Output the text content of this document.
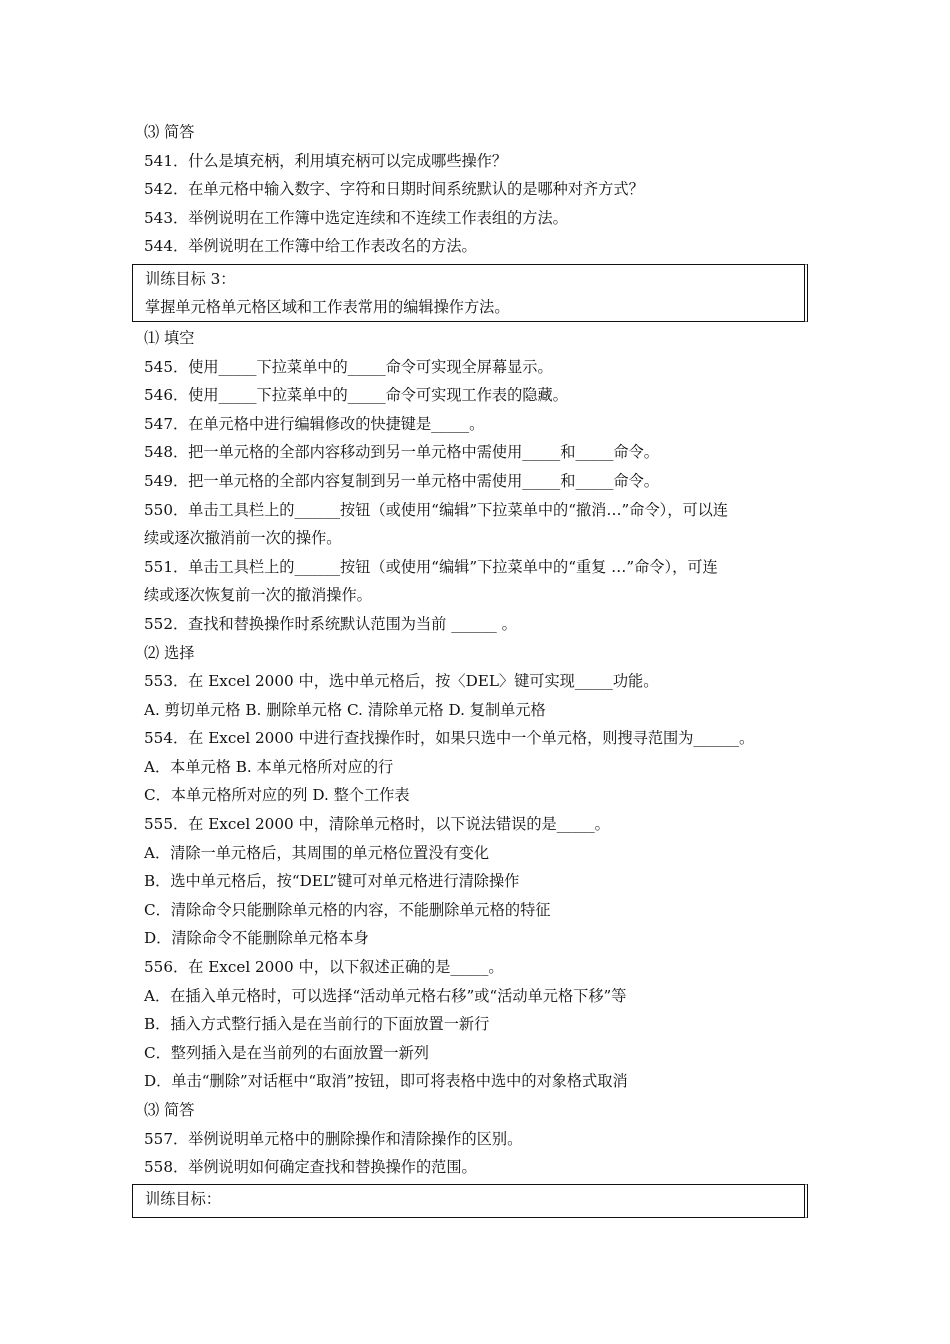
⑶ 简答
541．什么是填充柄，利用填充柄可以完成哪些操作？
542．在单元格中输入数字、字符和日期时间系统默认的是哪种对齐方式？
543．举例说明在工作簿中选定连续和不连续工作表组的方法。
544．举例说明在工作簿中给工作表改名的方法。
训练目标 3：
掌握单元格单元格区域和工作表常用的编辑操作方法。
⑴ 填空
545．使用_____下拉菜单中的_____命令可实现全屏幕显示。
546．使用_____下拉菜单中的_____命令可实现工作表的隐藏。
547．在单元格中进行编辑修改的快捷键是_____。
548．把一单元格的全部内容移动到另一单元格中需使用_____和_____命令。
549．把一单元格的全部内容复制到另一单元格中需使用_____和_____命令。
550．单击工具栏上的______按钮（或使用“编辑”下拉菜单中的“撤消…”命令），可以连
续或逐次撤消前一次的操作。
551．单击工具栏上的______按钮（或使用“编辑”下拉菜单中的“重复 …”命令），可连
续或逐次恢复前一次的撤消操作。
552．查找和替换操作时系统默认范围为当前 ______ 。
⑵ 选择
553．在 Excel 2000 中，选中单元格后，按〈DEL〉键可实现_____功能。
A. 剪切单元格 B. 删除单元格 C. 清除单元格 D. 复制单元格
554．在 Excel 2000 中进行查找操作时，如果只选中一个单元格，则搜寻范围为______。
A．本单元格 B. 本单元格所对应的行
C．本单元格所对应的列 D. 整个工作表
555．在 Excel 2000 中，清除单元格时，以下说法错误的是_____。
A．清除一单元格后，其周围的单元格位置没有变化
B．选中单元格后，按“DEL”键可对单元格进行清除操作
C．清除命令只能删除单元格的内容，不能删除单元格的特征
D．清除命令不能删除单元格本身
556．在 Excel 2000 中，以下叙述正确的是_____。
A．在插入单元格时，可以选择“活动单元格右移”或“活动单元格下移”等
B．插入方式整行插入是在当前行的下面放置一新行
C．整列插入是在当前列的右面放置一新列
D．单击“删除”对话框中“取消”按钮，即可将表格中选中的对象格式取消
⑶ 简答
557．举例说明单元格中的删除操作和清除操作的区别。
558．举例说明如何确定查找和替换操作的范围。
训练目标：
